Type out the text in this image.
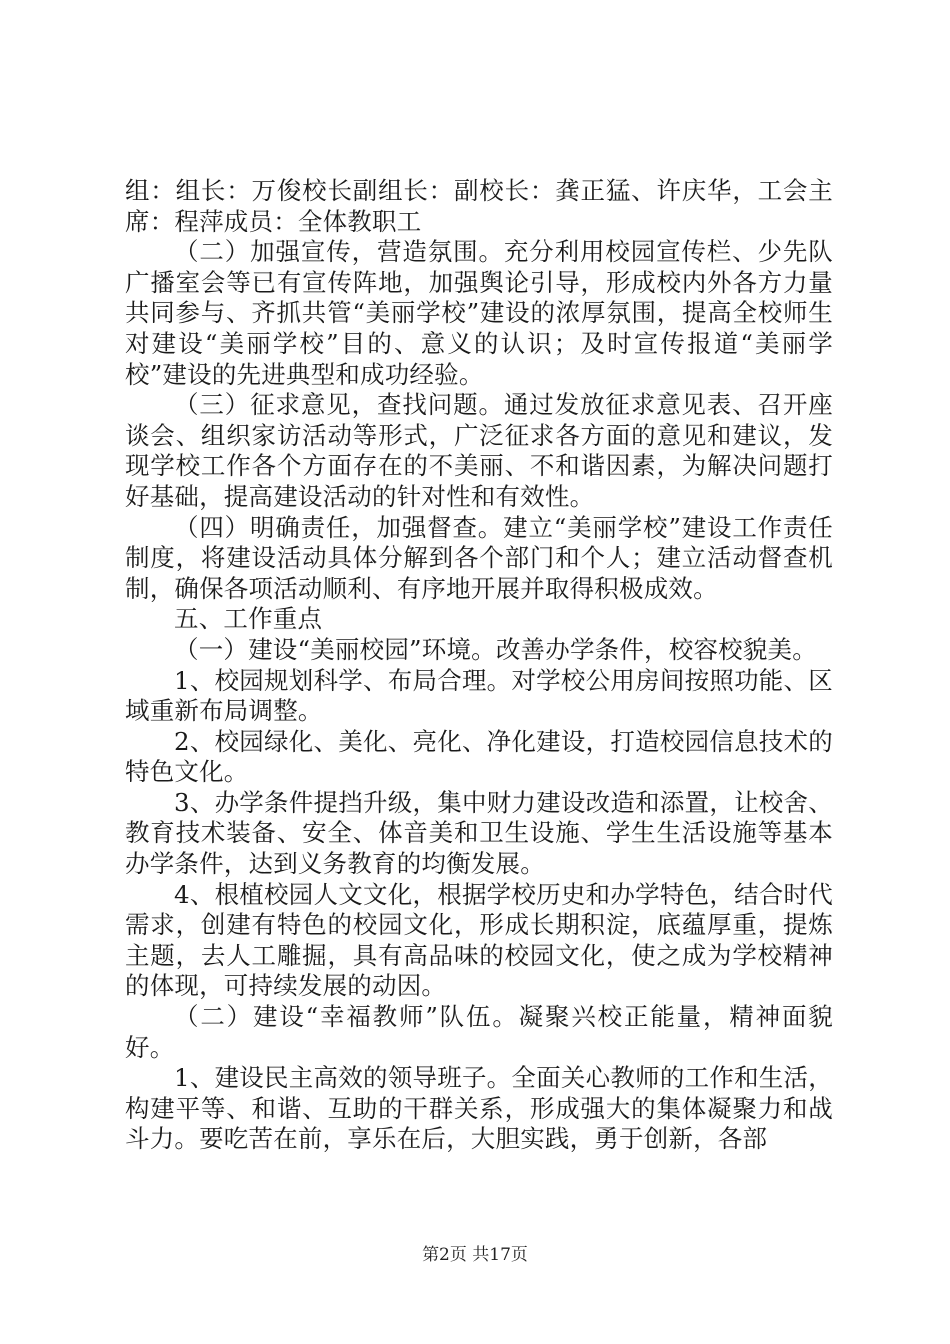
组：组长：万俊校长副组长：副校长：龚正猛、许庆华，工会主席：程萍成员：全体教职工

（二）加强宣传，营造氛围。充分利用校园宣传栏、少先队广播室会等已有宣传阵地，加强舆论引导，形成校内外各方力量共同参与、齐抓共管“美丽学校”建设的浓厚氛围，提高全校师生对建设“美丽学校”目的、意义的认识；及时宣传报道“美丽学校”建设的先进典型和成功经验。

（三）征求意见，查找问题。通过发放征求意见表、召开座谈会、组织家访活动等形式，广泛征求各方面的意见和建议，发现学校工作各个方面存在的不美丽、不和谐因素，为解决问题打好基础，提高建设活动的针对性和有效性。

（四）明确责任，加强督查。建立“美丽学校”建设工作责任制度，将建设活动具体分解到各个部门和个人；建立活动督查机制，确保各项活动顺利、有序地开展并取得积极成效。

五、工作重点

（一）建设“美丽校园”环境。改善办学条件，校容校貌美。

1、校园规划科学、布局合理。对学校公用房间按照功能、区域重新布局调整。

2、校园绿化、美化、亮化、净化建设，打造校园信息技术的特色文化。

3、办学条件提挡升级，集中财力建设改造和添置，让校舍、教育技术装备、安全、体音美和卫生设施、学生生活设施等基本办学条件，达到义务教育的均衡发展。

4、根植校园人文文化，根据学校历史和办学特色，结合时代需求，创建有特色的校园文化，形成长期积淀，底蕴厚重，提炼主题，去人工雕掘，具有高品味的校园文化，使之成为学校精神的体现，可持续发展的动因。

（二）建设“幸福教师”队伍。凝聚兴校正能量，精神面貌好。

1、建设民主高效的领导班子。全面关心教师的工作和生活，构建平等、和谐、互助的干群关系，形成强大的集体凝聚力和战斗力。要吃苦在前，享乐在后，大胆实践，勇于创新，各部

第2页 共17页
